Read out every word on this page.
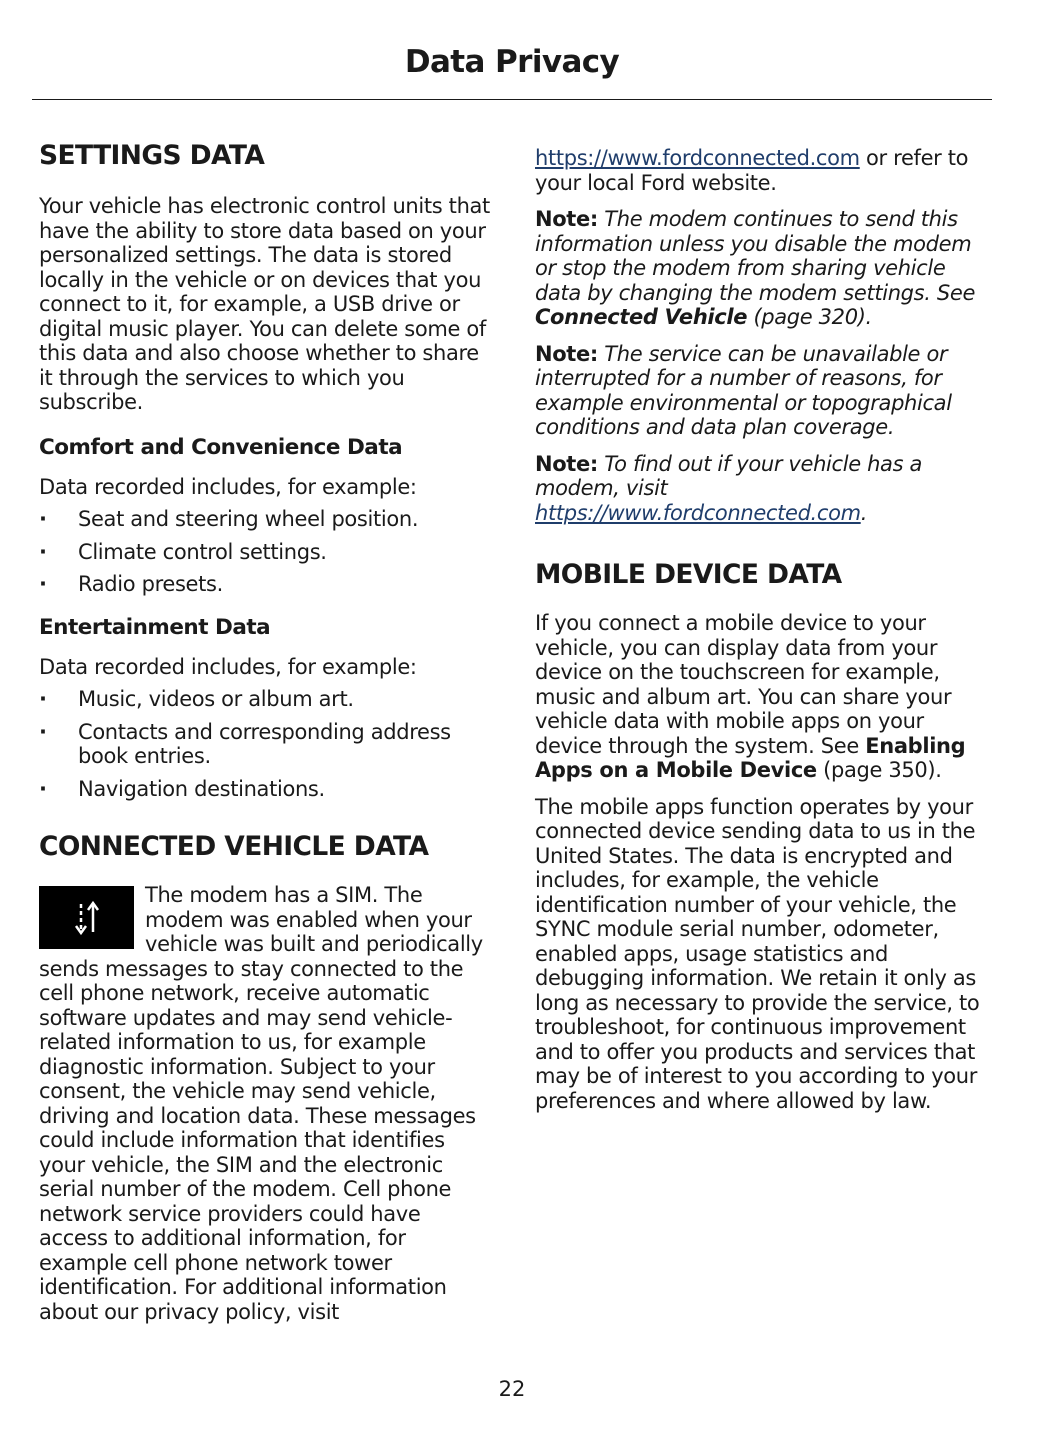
Data Privacy
SETTINGS DATA

Your vehicle has electronic control units that have the ability to store data based on your personalized settings. The data is stored locally in the vehicle or on devices that you connect to it, for example, a USB drive or digital music player. You can delete some of this data and also choose whether to share it through the services to which you subscribe.

Comfort and Convenience Data

Data recorded includes, for example:

· Seat and steering wheel position.
· Climate control settings.
· Radio presets.
Entertainment Data

Data recorded includes, for example:

· Music, videos or album art.
· Contacts and corresponding address book entries.
· Navigation destinations.
CONNECTED VEHICLE DATA
The modem has a SIM. The modem was enabled when your vehicle was built and periodically sends messages to stay connected to the cell phone network, receive automatic software updates and may send vehicle-related information to us, for example diagnostic information. Subject to your consent, the vehicle may send vehicle, driving and location data. These messages could include information that identifies your vehicle, the SIM and the electronic serial number of the modem. Cell phone network service providers could have access to additional information, for example cell phone network tower identification. For additional information about our privacy policy, visit

https://www.fordconnected.com or refer to your local Ford website.

Note: The modem continues to send this information unless you disable the modem or stop the modem from sharing vehicle data by changing the modem settings. See Connected Vehicle (page 320).

Note: The service can be unavailable or interrupted for a number of reasons, for example environmental or topographical conditions and data plan coverage.

Note: To find out if your vehicle has a modem, visit https://www.fordconnected.com.

MOBILE DEVICE DATA

If you connect a mobile device to your vehicle, you can display data from your device on the touchscreen for example, music and album art. You can share your vehicle data with mobile apps on your device through the system. See Enabling Apps on a Mobile Device (page 350).

The mobile apps function operates by your connected device sending data to us in the United States. The data is encrypted and includes, for example, the vehicle identification number of your vehicle, the SYNC module serial number, odometer, enabled apps, usage statistics and debugging information. We retain it only as long as necessary to provide the service, to troubleshoot, for continuous improvement and to offer you products and services that may be of interest to you according to your preferences and where allowed by law.

22
